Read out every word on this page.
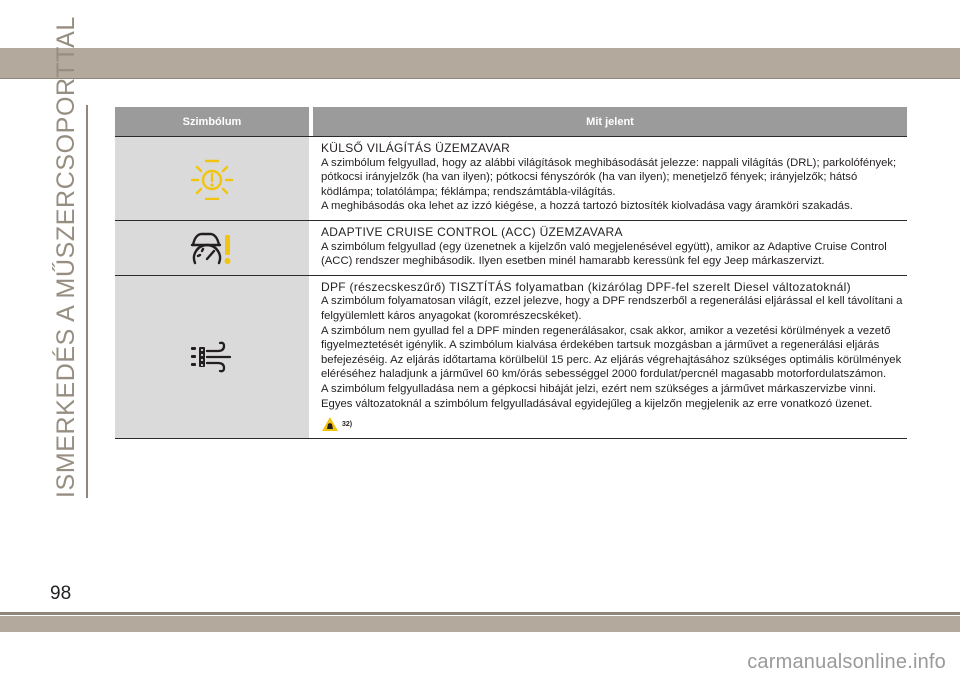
ISMERKEDÉS A MŰSZERCSOPORTTAL	Szimbólum	Mit jelent
KÜLSŐ VILÁGÍTÁS ÜZEMZAVAR
A szimbólum felgyullad, hogy az alábbi világítások meghibásodását jelezze: nappali világítás (DRL); parkolófények; pótkocsi irányjelzők (ha van ilyen); pótkocsi fényszórók (ha van ilyen); menetjelző fények; irányjelzők; hátsó ködlámpa; tolatólámpa; féklámpa; rendszámtábla-világítás.
A meghibásodás oka lehet az izzó kiégése, a hozzá tartozó biztosíték kiolvadása vagy áramköri szakadás.
ADAPTIVE CRUISE CONTROL (ACC) ÜZEMZAVARA
A szimbólum felgyullad (egy üzenetnek a kijelzőn való megjelenésével együtt), amikor az Adaptive Cruise Control (ACC) rendszer meghibásodik. Ilyen esetben minél hamarabb keressünk fel egy Jeep márkaszervizt.
DPF (részecskeszűrő) TISZTÍTÁS folyamatban (kizárólag DPF-fel szerelt Diesel változatoknál)
A szimbólum folyamatosan világít, ezzel jelezve, hogy a DPF rendszerből a regenerálási eljárással el kell távolítani a felgyülemlett káros anyagokat (koromrészecskéket).
A szimbólum nem gyullad fel a DPF minden regenerálásakor, csak akkor, amikor a vezetési körülmények a vezető figyelmeztetését igénylik. A szimbólum kialvása érdekében tartsuk mozgásban a járművet a regenerálási eljárás befejezéséig. Az eljárás időtartama körülbelül 15 perc. Az eljárás végrehajtásához szükséges optimális körülmények eléréséhez haladjunk a járművel 60 km/órás sebességgel 2000 fordulat/percnél magasabb motorfordulatszámon.
A szimbólum felgyulladása nem a gépkocsi hibáját jelzi, ezért nem szükséges a járművet márkaszervizbe vinni. Egyes változatoknál a szimbólum felgyulladásával egyidejűleg a kijelzőn megjelenik az erre vonatkozó üzenet.
32)
98
carmanualsonline.info
